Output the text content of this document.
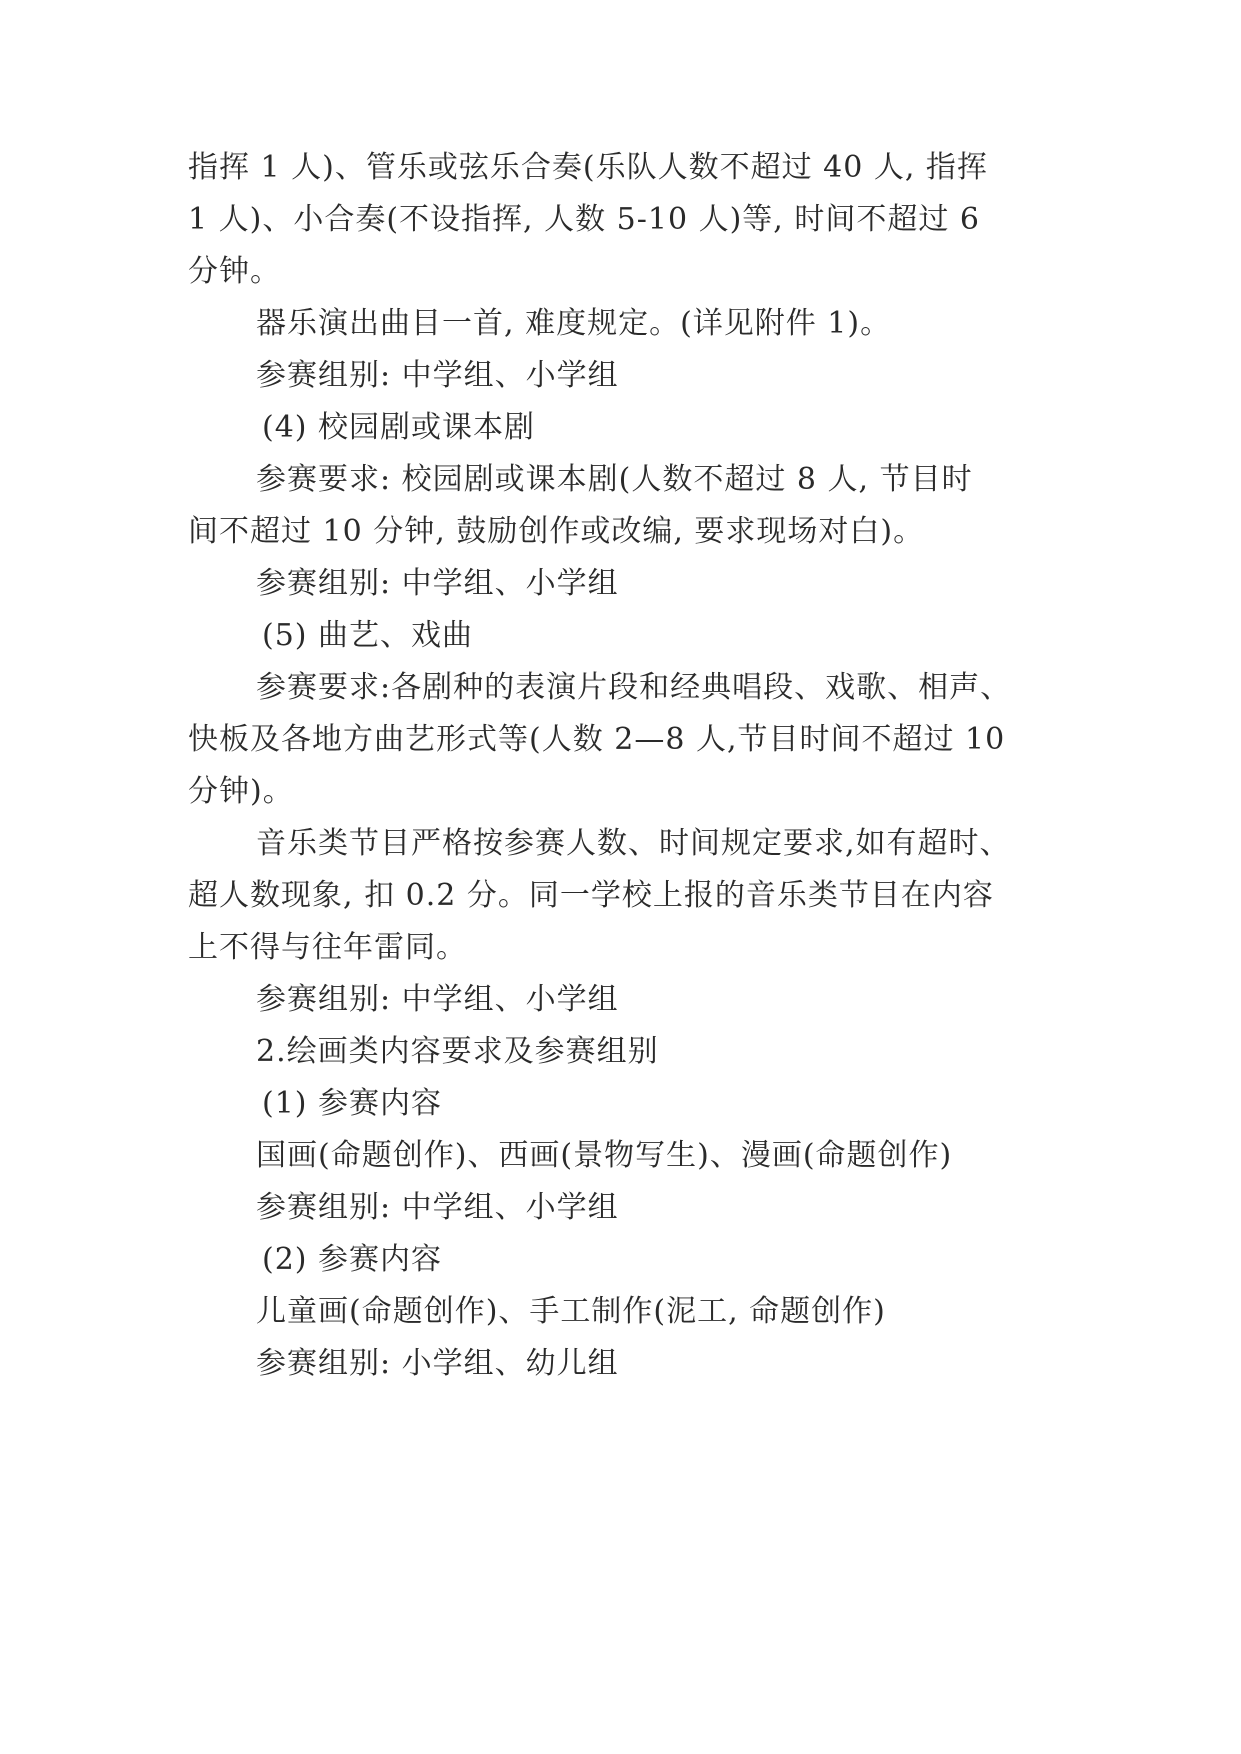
指挥 1 人)、管乐或弦乐合奏(乐队人数不超过 40 人, 指挥
1 人)、小合奏(不设指挥, 人数 5-10 人)等, 时间不超过 6
分钟。
器乐演出曲目一首, 难度规定。(详见附件 1)。
参赛组别: 中学组、小学组
(4) 校园剧或课本剧
参赛要求: 校园剧或课本剧(人数不超过 8 人, 节目时
间不超过 10 分钟, 鼓励创作或改编, 要求现场对白)。
参赛组别: 中学组、小学组
(5) 曲艺、戏曲
参赛要求:各剧种的表演片段和经典唱段、戏歌、相声、
快板及各地方曲艺形式等(人数 2—8 人,节目时间不超过 10
分钟)。
音乐类节目严格按参赛人数、时间规定要求,如有超时、
超人数现象, 扣 0.2 分。同一学校上报的音乐类节目在内容
上不得与往年雷同。
参赛组别: 中学组、小学组
2.绘画类内容要求及参赛组别
(1) 参赛内容
国画(命题创作)、西画(景物写生)、漫画(命题创作)
参赛组别: 中学组、小学组
(2) 参赛内容
儿童画(命题创作)、手工制作(泥工, 命题创作)
参赛组别: 小学组、幼儿组
